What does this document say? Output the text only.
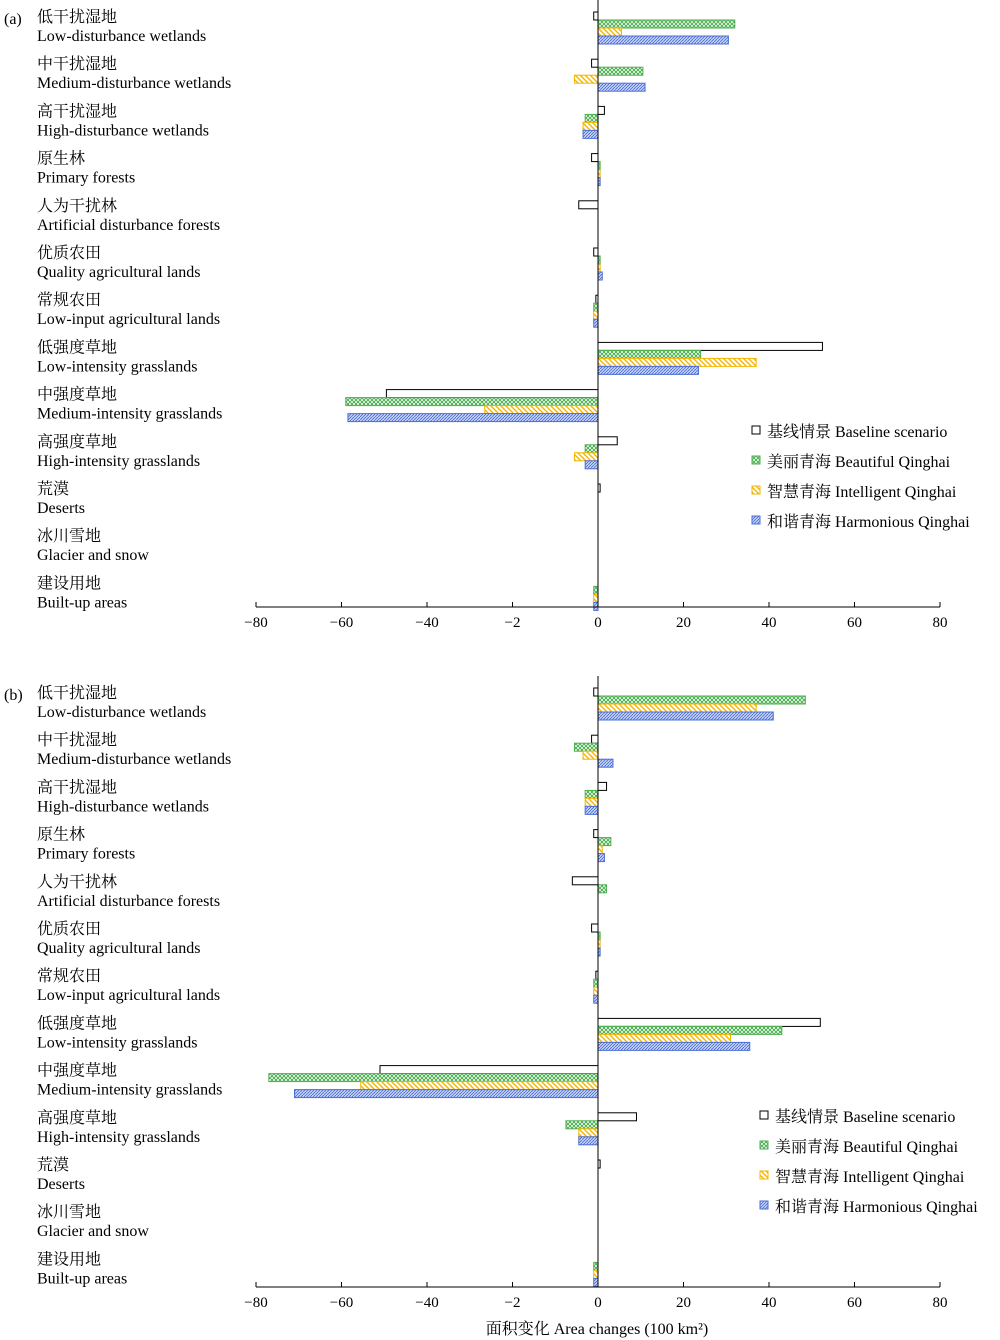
(a) 低干扰湿地
Low-disturbance wetlands
中干扰湿地
Medium-disturbance wetlands
高干扰湿地
High-disturbance wetlands
原生林
Primary forests
人为干扰林
Artificial disturbance forests
优质农田
Quality agricultural lands
常规农田
Low-input agricultural lands
低强度草地
Low-intensity grasslands
中强度草地
Medium-intensity grasslands
高强度草地
High-intensity grasslands
荒漠
Deserts
冰川雪地
Glacier and snow
建设用地
Built-up areas
−80	−60	−40	−2	0	20	40	60	80
基线情景 Baseline scenario
美丽青海 Beautiful Qinghai
智慧青海 Intelligent Qinghai
和谐青海 Harmonious Qinghai
(b) 低干扰湿地
Low-disturbance wetlands
中干扰湿地
Medium-disturbance wetlands
高干扰湿地
High-disturbance wetlands
原生林
Primary forests
人为干扰林
Artificial disturbance forests
优质农田
Quality agricultural lands
常规农田
Low-input agricultural lands
低强度草地
Low-intensity grasslands
中强度草地
Medium-intensity grasslands
高强度草地
High-intensity grasslands
荒漠
Deserts
冰川雪地
Glacier and snow
建设用地
Built-up areas
−80	−60	−40	−2	0	20	40	60	80
基线情景 Baseline scenario
美丽青海 Beautiful Qinghai
智慧青海 Intelligent Qinghai
和谐青海 Harmonious Qinghai
面积变化 Area changes (100 km²)
